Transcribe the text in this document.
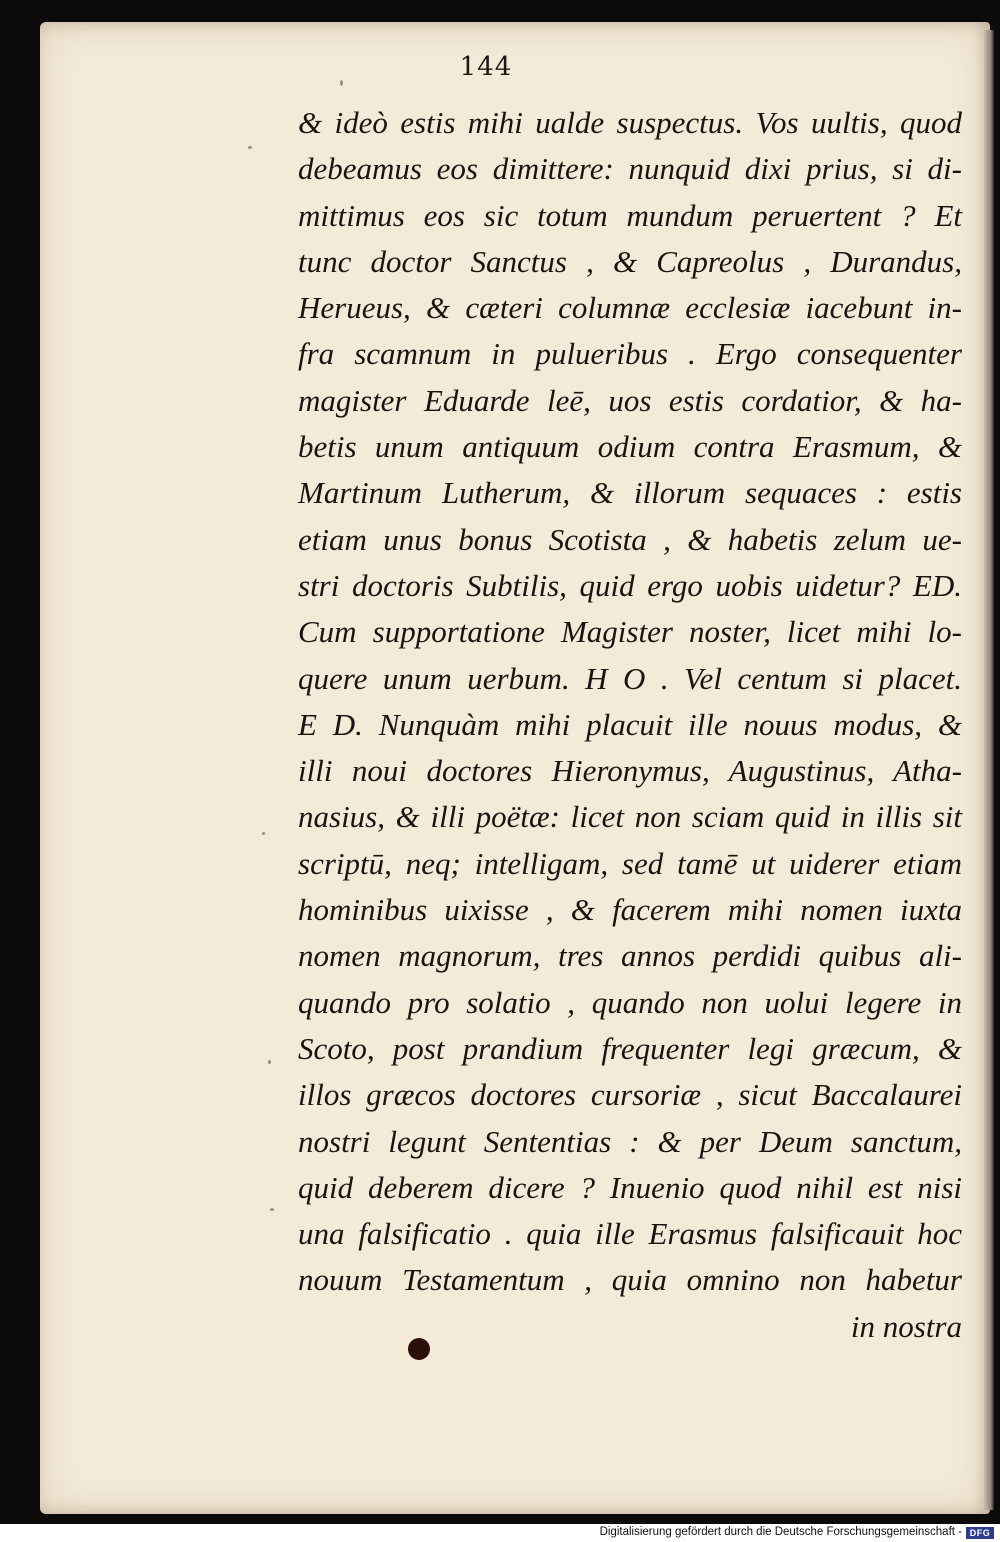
144
& ideò estis mihi ualde suspectus. Vos uultis, quod
debeamus eos dimittere: nunquid dixi prius, si di-
mittimus eos sic totum mundum peruertent ? Et
tunc doctor Sanctus , & Capreolus , Durandus,
Herueus, & cæteri columnæ ecclesiæ iacebunt in-
fra scamnum in pulueribus . Ergo consequenter
magister Eduarde leē, uos estis cordatior, & ha-
betis unum antiquum odium contra Erasmum, &
Martinum Lutherum, & illorum sequaces : estis
etiam unus bonus Scotista , & habetis zelum ue-
stri doctoris Subtilis, quid ergo uobis uidetur? ED.
Cum supportatione Magister noster, licet mihi lo-
quere unum uerbum. H O . Vel centum si placet.
E D. Nunquàm mihi placuit ille nouus modus, &
illi noui doctores Hieronymus, Augustinus, Atha-
nasius, & illi poëtæ: licet non sciam quid in illis sit
scriptū, neq; intelligam, sed tamē ut uiderer etiam
hominibus uixisse , & facerem mihi nomen iuxta
nomen magnorum, tres annos perdidi quibus ali-
quando pro solatio , quando non uolui legere in
Scoto, post prandium frequenter legi græcum, &
illos græcos doctores cursoriæ , sicut Baccalaurei
nostri legunt Sententias : & per Deum sanctum,
quid deberem dicere ? Inuenio quod nihil est nisi
una falsificatio . quia ille Erasmus falsificauit hoc
nouum Testamentum , quia omnino non habetur
in nostra
Digitalisierung gefördert durch die Deutsche Forschungsgemeinschaft - DFG
